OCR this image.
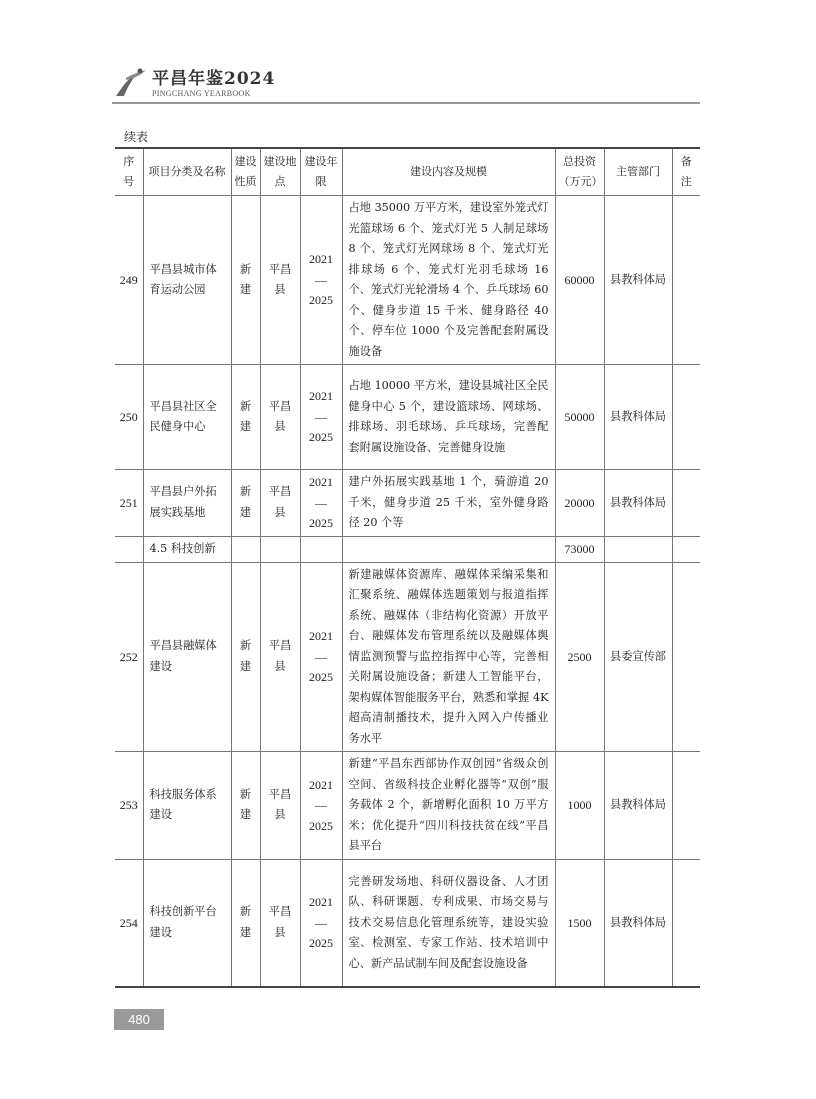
平昌年鉴2024
PINGCHANG YEARBOOK
续表
序号	项目分类及名称	建设性质	建设地点	建设年限	建设内容及规模	总投资（万元）	主管部门	备注
249	平昌县城市体育运动公园	新建	平昌县	2021—2025	占地 35000 万平方米，建设室外笼式灯光篮球场 6 个、笼式灯光 5 人制足球场 8 个、笼式灯光网球场 8 个、笼式灯光排球场 6 个、笼式灯光羽毛球场 16 个、笼式灯光轮滑场 4 个、乒乓球场 60 个、健身步道 15 千米、健身路径 40 个、停车位 1000 个及完善配套附属设施设备	60000	县教科体局	
250	平昌县社区全民健身中心	新建	平昌县	2021—2025	占地 10000 平方米，建设县城社区全民健身中心 5 个，建设篮球场、网球场、排球场、羽毛球场、乒乓球场，完善配套附属设施设备、完善健身设施	50000	县教科体局	
251	平昌县户外拓展实践基地	新建	平昌县	2021—2025	建户外拓展实践基地 1 个，骑游道 20 千米，健身步道 25 千米，室外健身路径 20 个等	20000	县教科体局	
	4.5 科技创新					73000		
252	平昌县融媒体建设	新建	平昌县	2021—2025	新建融媒体资源库、融媒体采编采集和汇聚系统、融媒体选题策划与报道指挥系统、融媒体（非结构化资源）开放平台、融媒体发布管理系统以及融媒体舆情监测预警与监控指挥中心等，完善相关附属设施设备；新建人工智能平台，架构媒体智能服务平台，熟悉和掌握 4K 超高清制播技术，提升入网入户传播业务水平	2500	县委宣传部	
253	科技服务体系建设	新建	平昌县	2021—2025	新建“平昌东西部协作双创园”省级众创空间、省级科技企业孵化器等“双创”服务载体 2 个，新增孵化面积 10 万平方米；优化提升“四川科技扶贫在线”平昌县平台	1000	县教科体局	
254	科技创新平台建设	新建	平昌县	2021—2025	完善研发场地、科研仪器设备、人才团队、科研课题、专利成果、市场交易与技术交易信息化管理系统等，建设实验室、检测室、专家工作站、技术培训中心、新产品试制车间及配套设施设备	1500	县教科体局	
480
